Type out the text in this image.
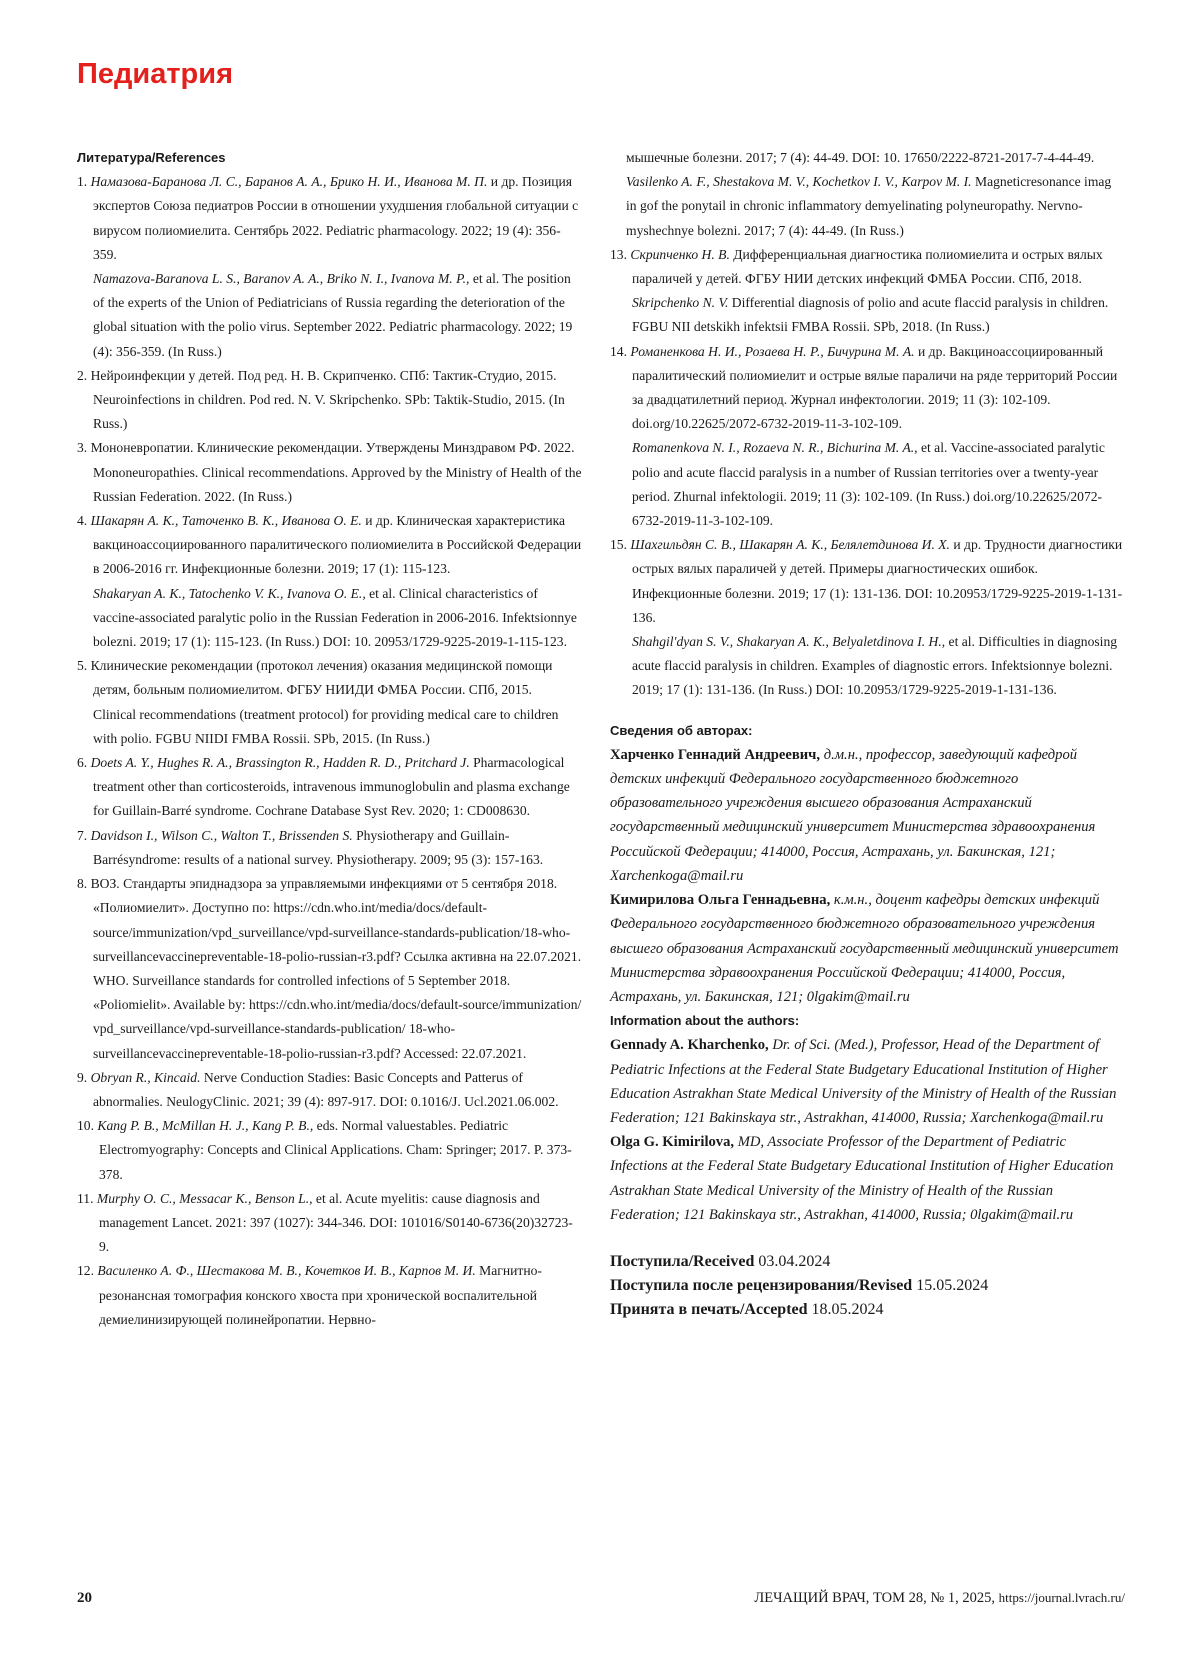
Педиатрия
Литература/References
1. Намазова-Баранова Л. С., Баранов А. А., Брико Н. И., Иванова М. П. и др. Позиция экспертов Союза педиатров России в отношении ухудшения глобальной ситуации с вирусом полиомиелита. Сентябрь 2022. Pediatric pharmacology. 2022; 19 (4): 356-359.
Namazova-Baranova L. S., Baranov A. A., Briko N. I., Ivanova M. P., et al. The position of the experts of the Union of Pediatricians of Russia regarding the deterioration of the global situation with the polio virus. September 2022. Pediatric pharmacology. 2022; 19 (4): 356-359. (In Russ.)
2. Нейроинфекции у детей. Под ред. Н. В. Скрипченко. СПб: Тактик-Студио, 2015.
Neuroinfections in children. Pod red. N. V. Skripchenko. SPb: Taktik-Studio, 2015. (In Russ.)
3. Мононевропатии. Клинические рекомендации. Утверждены Минздравом РФ. 2022.
Mononeuropathies. Clinical recommendations. Approved by the Ministry of Health of the Russian Federation. 2022. (In Russ.)
4. Шакарян А. К., Таточенко В. К., Иванова О. Е. и др. Клиническая характеристика вакциноассоциированного паралитического полиомиелита в Российской Федерации в 2006-2016 гг. Инфекционные болезни. 2019; 17 (1): 115-123.
Shakaryan A. K., Tatochenko V. K., Ivanova O. E., et al. Clinical characteristics of vaccine-associated paralytic polio in the Russian Federation in 2006-2016. Infektsionnye bolezni. 2019; 17 (1): 115-123. (In Russ.) DOI: 10. 20953/1729-9225-2019-1-115-123.
5. Клинические рекомендации (протокол лечения) оказания медицинской помощи детям, больным полиомиелитом. ФГБУ НИИДИ ФМБА России. СПб, 2015.
Clinical recommendations (treatment protocol) for providing medical care to children with polio. FGBU NIIDI FMBA Rossii. SPb, 2015. (In Russ.)
6. Doets A. Y., Hughes R. A., Brassington R., Hadden R. D., Pritchard J. Pharmacological treatment other than corticosteroids, intravenous immunoglobulin and plasma exchange for Guillain-Barré syndrome. Cochrane Database Syst Rev. 2020; 1: CD008630.
7. Davidson I., Wilson C., Walton T., Brissenden S. Physiotherapy and Guillain-Barrésyndrome: results of a national survey. Physiotherapy. 2009; 95 (3): 157-163.
8. ВОЗ. Стандарты эпиднадзора за управляемыми инфекциями от 5 сентября 2018. «Полиомиелит». Доступно по: https://cdn.who.int/media/docs/default-source/immunization/vpd_surveillance/vpd-surveillance-standards-publication/18-who-surveillancevaccinepreventable-18-polio-russian-r3.pdf? Ссылка активна на 22.07.2021.
WHO. Surveillance standards for controlled infections of 5 September 2018. «Poliomielit». Available by: https://cdn.who.int/media/docs/default-source/immunization/ vpd_surveillance/vpd-surveillance-standards-publication/ 18-who-surveillancevaccinepreventable-18-polio-russian-r3.pdf? Accessed: 22.07.2021.
9. Obryan R., Kincaid. Nerve Conduction Stadies: Basic Concepts and Patterus of abnormalies. NeulogyClinic. 2021; 39 (4): 897-917. DOI: 0.1016/J. Ucl.2021.06.002.
10. Kang P. B., McMillan H. J., Kang P. B., eds. Normal valuestables. Pediatric Electromyography: Concepts and Clinical Applications. Cham: Springer; 2017. P. 373-378.
11. Murphy O. C., Messacar K., Benson L., et al. Acute myelitis: cause diagnosis and management Lancet. 2021: 397 (1027): 344-346. DOI: 101016/S0140-6736(20)32723-9.
12. Василенко А. Ф., Шестакова М. В., Кочетков И. В., Карпов М. И. Магнитно-резонансная томография конского хвоста при хронической воспалительной демиелинизирующей полинейропатии. Нервно-
мышечные болезни. 2017; 7 (4): 44-49. DOI: 10. 17650/2222-8721-2017-7-4-44-49.
Vasilenko A. F., Shestakova M. V., Kochetkov I. V., Karpov M. I. Magneticresonance imag in gof the ponytail in chronic inflammatory demyelinating polyneuropathy. Nervno-myshechnye bolezni. 2017; 7 (4): 44-49. (In Russ.)
13. Скрипченко Н. В. Дифференциальная диагностика полиомиелита и острых вялых параличей у детей. ФГБУ НИИ детских инфекций ФМБА России. СПб, 2018.
Skripchenko N. V. Differential diagnosis of polio and acute flaccid paralysis in children. FGBU NII detskikh infektsii FMBA Rossii. SPb, 2018. (In Russ.)
14. Романенкова Н. И., Розаева Н. Р., Бичурина М. А. и др. Вакциноассоциированный паралитический полиомиелит и острые вялые параличи на ряде территорий России за двадцатилетний период. Журнал инфектологии. 2019; 11 (3): 102-109. doi.org/10.22625/2072-6732-2019-11-3-102-109.
Romanenkova N. I., Rozaeva N. R., Bichurina M. A., et al. Vaccine-associated paralytic polio and acute flaccid paralysis in a number of Russian territories over a twenty-year period. Zhurnal infektologii. 2019; 11 (3): 102-109. (In Russ.) doi.org/10.22625/2072-6732-2019-11-3-102-109.
15. Шахгильдян С. В., Шакарян А. К., Белялетдинова И. Х. и др. Трудности диагностики острых вялых параличей у детей. Примеры диагностических ошибок. Инфекционные болезни. 2019; 17 (1): 131-136. DOI: 10.20953/1729-9225-2019-1-131-136.
Shahgil'dyan S. V., Shakaryan A. K., Belyaletdinova I. H., et al. Difficulties in diagnosing acute flaccid paralysis in children. Examples of diagnostic errors. Infektsionnye bolezni. 2019; 17 (1): 131-136. (In Russ.) DOI: 10.20953/1729-9225-2019-1-131-136.
Сведения об авторах:

Харченко Геннадий Андреевич, д.м.н., профессор, заведующий кафедрой детских инфекций Федерального государственного бюджетного образовательного учреждения высшего образования Астраханский государственный медицинский университет Министерства здравоохранения Российской Федерации; 414000, Россия, Астрахань, ул. Бакинская, 121; Xarchenkoga@mail.ru

Кимирилова Ольга Геннадьевна, к.м.н., доцент кафедры детских инфекций Федерального государственного бюджетного образовательного учреждения высшего образования Астраханский государственный медицинский университет Министерства здравоохранения Российской Федерации; 414000, Россия, Астрахань, ул. Бакинская, 121; 0lgakim@mail.ru

Information about the authors:

Gennady A. Kharchenko, Dr. of Sci. (Med.), Professor, Head of the Department of Pediatric Infections at the Federal State Budgetary Educational Institution of Higher Education Astrakhan State Medical University of the Ministry of Health of the Russian Federation; 121 Bakinskaya str., Astrakhan, 414000, Russia; Xarchenkoga@mail.ru

Olga G. Kimirilova, MD, Associate Professor of the Department of Pediatric Infections at the Federal State Budgetary Educational Institution of Higher Education Astrakhan State Medical University of the Ministry of Health of the Russian Federation; 121 Bakinskaya str., Astrakhan, 414000, Russia; 0lgakim@mail.ru

Поступила/Received 03.04.2024
Поступила после рецензирования/Revised 15.05.2024
Принята в печать/Accepted 18.05.2024
20	ЛЕЧАЩИЙ ВРАЧ, ТОМ 28, № 1, 2025, https://journal.lvrach.ru/
